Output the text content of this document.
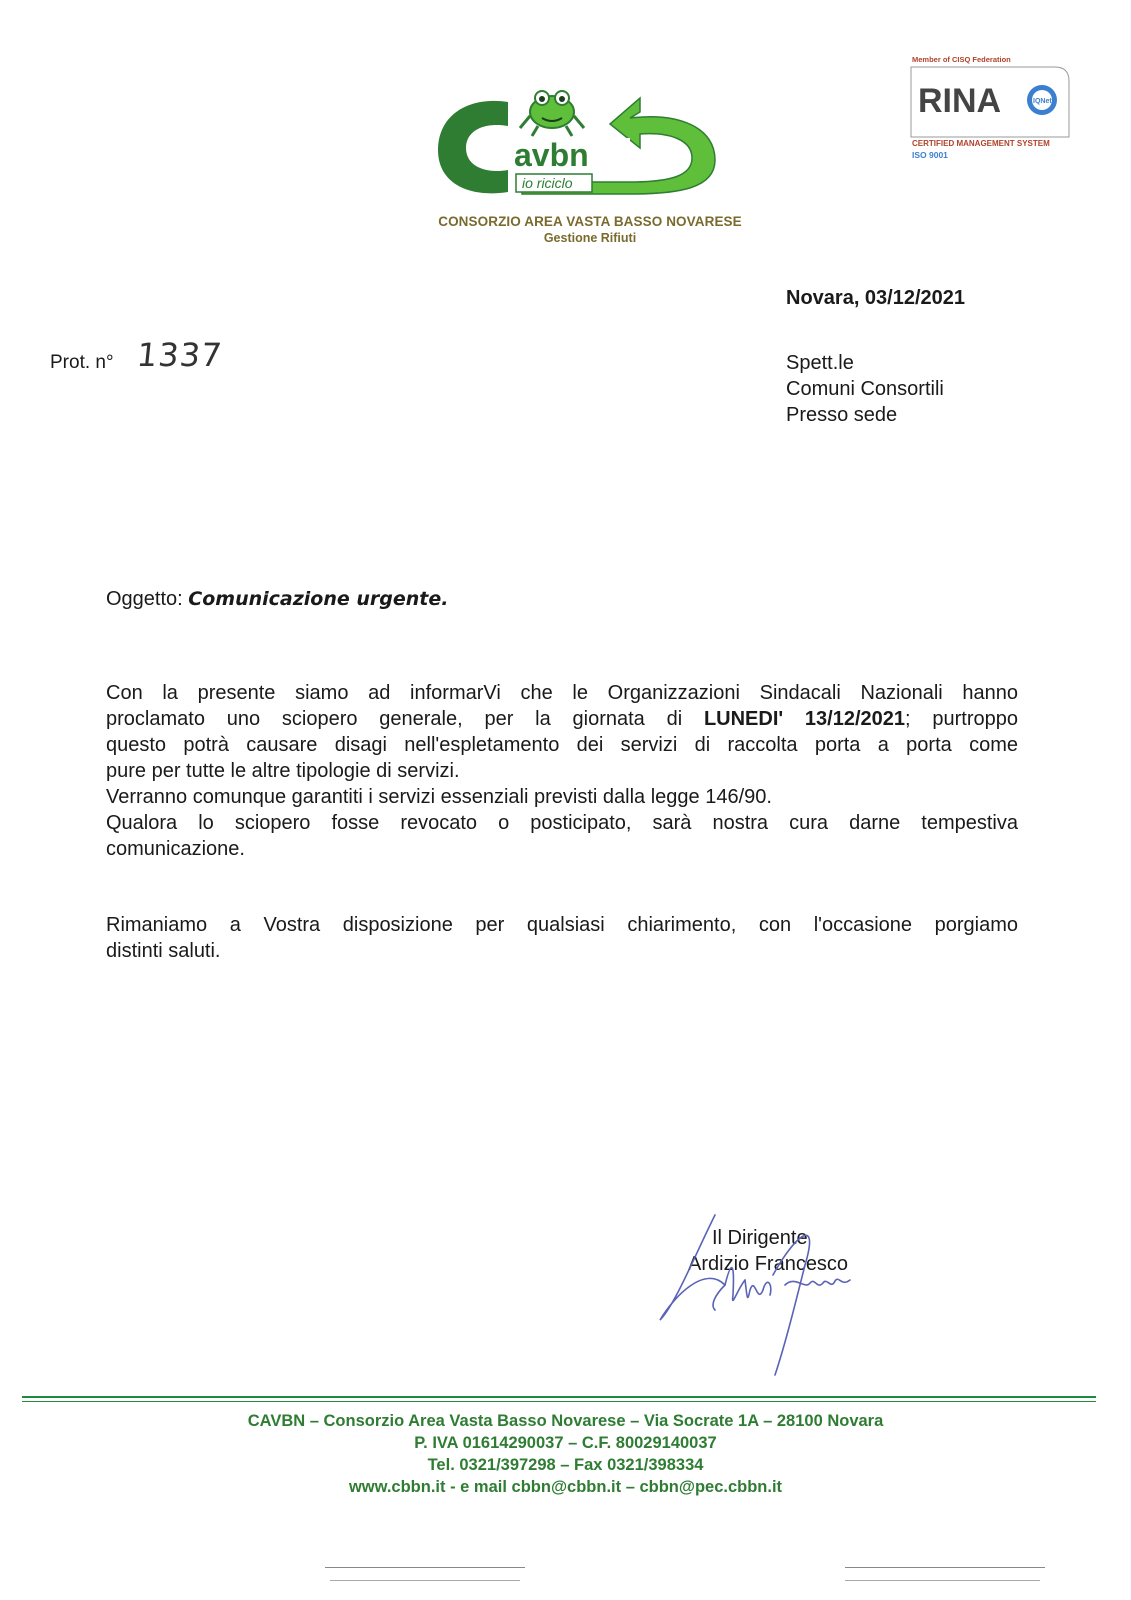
avbn
io riciclo
CONSORZIO AREA VASTA BASSO NOVARESE
Gestione Rifiuti
Member of CISQ Federation
RINA	IQNet
CERTIFIED MANAGEMENT SYSTEM
ISO 9001
Novara, 03/12/2021
Prot. n° 1337	Spett.le
Comuni Consortili
Presso sede
Oggetto: Comunicazione urgente.
Con la presente siamo ad informarVi che le Organizzazioni Sindacali Nazionali hanno
proclamato uno sciopero generale, per la giornata di LUNEDI' 13/12/2021; purtroppo
questo potrà causare disagi nell'espletamento dei servizi di raccolta porta a porta come
pure per tutte le altre tipologie di servizi.
Verranno comunque garantiti i servizi essenziali previsti dalla legge 146/90.
Qualora lo sciopero fosse revocato o posticipato, sarà nostra cura darne tempestiva
comunicazione.
Rimaniamo a Vostra disposizione per qualsiasi chiarimento, con l'occasione porgiamo
distinti saluti.
Il Dirigente
Ardizio Francesco
CAVBN – Consorzio Area Vasta Basso Novarese – Via Socrate 1A – 28100 Novara
P. IVA 01614290037 – C.F. 80029140037
Tel. 0321/397298 – Fax 0321/398334
www.cbbn.it - e mail cbbn@cbbn.it – cbbn@pec.cbbn.it
